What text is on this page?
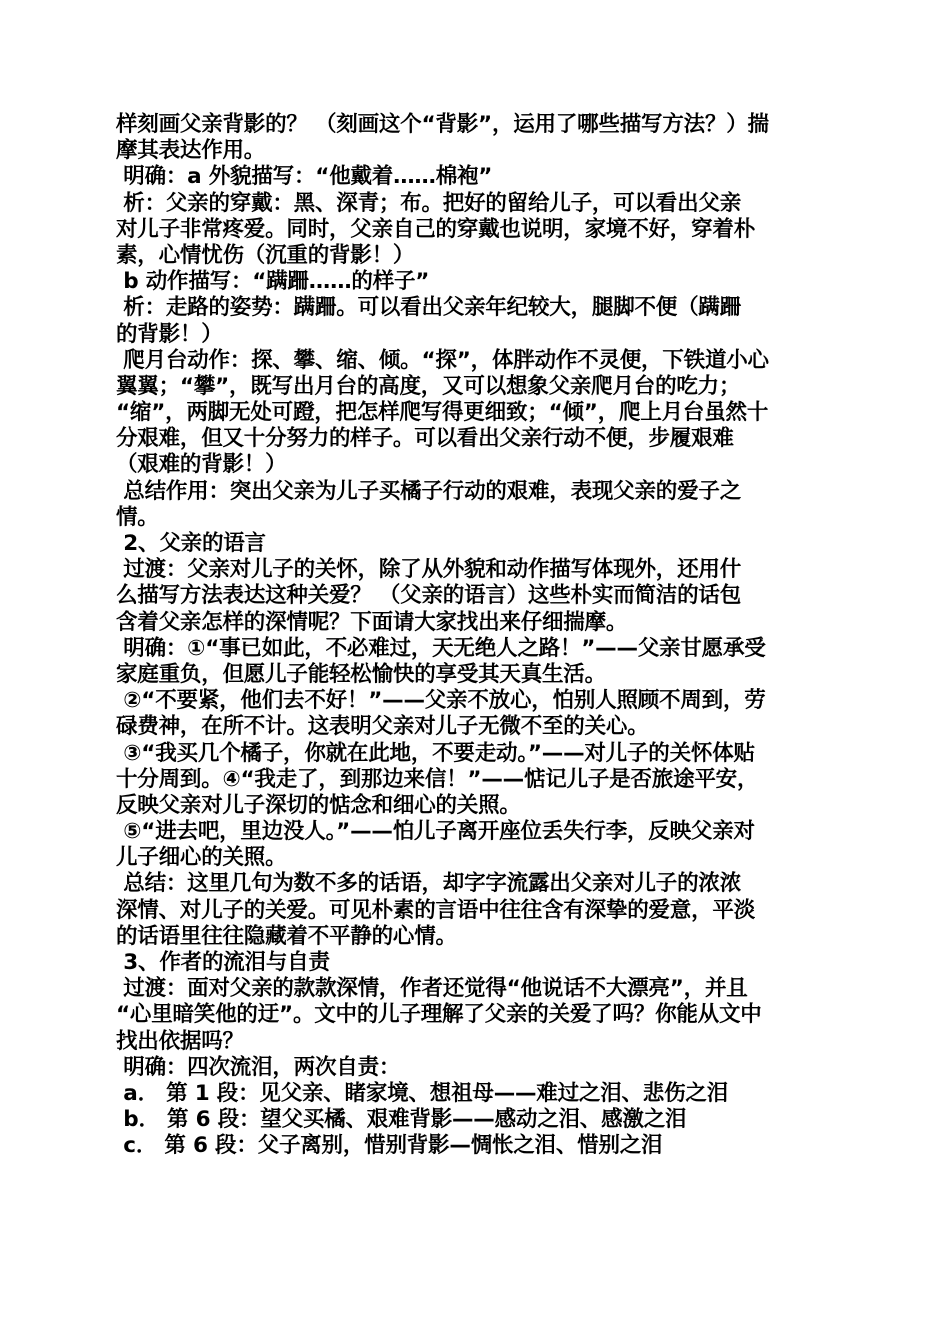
样刻画父亲背影的？ （刻画这个“背影”，运用了哪些描写方法？）揣
摩其表达作用。
明确：a 外貌描写：“他戴着……棉袍”
析：父亲的穿戴：黑、深青；布。把好的留给儿子，可以看出父亲
对儿子非常疼爱。同时，父亲自己的穿戴也说明，家境不好，穿着朴
素，心情忧伤（沉重的背影！）
b 动作描写：“蹒跚……的样子”
析：走路的姿势：蹒跚。可以看出父亲年纪较大，腿脚不便（蹒跚
的背影！）
爬月台动作：探、攀、缩、倾。“探”，体胖动作不灵便，下铁道小心
翼翼；“攀”，既写出月台的高度，又可以想象父亲爬月台的吃力；
“缩”，两脚无处可蹬，把怎样爬写得更细致；“倾”，爬上月台虽然十
分艰难，但又十分努力的样子。可以看出父亲行动不便，步履艰难
（艰难的背影！）
总结作用：突出父亲为儿子买橘子行动的艰难，表现父亲的爱子之
情。
2、父亲的语言
过渡：父亲对儿子的关怀，除了从外貌和动作描写体现外，还用什
么描写方法表达这种关爱？ （父亲的语言）这些朴实而简洁的话包
含着父亲怎样的深情呢？下面请大家找出来仔细揣摩。
明确：①“事已如此，不必难过，天无绝人之路！”——父亲甘愿承受
家庭重负，但愿儿子能轻松愉快的享受其天真生活。
②“不要紧，他们去不好！”——父亲不放心，怕别人照顾不周到，劳
碌费神，在所不计。这表明父亲对儿子无微不至的关心。
③“我买几个橘子，你就在此地，不要走动。”——对儿子的关怀体贴
十分周到。④“我走了，到那边来信！”——惦记儿子是否旅途平安，
反映父亲对儿子深切的惦念和细心的关照。
⑤“进去吧，里边没人。”——怕儿子离开座位丢失行李，反映父亲对
儿子细心的关照。
总结：这里几句为数不多的话语，却字字流露出父亲对儿子的浓浓
深情、对儿子的关爱。可见朴素的言语中往往含有深挚的爱意，平淡
的话语里往往隐藏着不平静的心情。
3、作者的流泪与自责
过渡：面对父亲的款款深情，作者还觉得“他说话不大漂亮”，并且
“心里暗笑他的迂”。文中的儿子理解了父亲的关爱了吗？你能从文中
找出依据吗？
明确：四次流泪，两次自责：
a． 第 1 段：见父亲、睹家境、想祖母——难过之泪、悲伤之泪
b． 第 6 段：望父买橘、艰难背影——感动之泪、感激之泪
c． 第 6 段：父子离别，惜别背影—惆怅之泪、惜别之泪
